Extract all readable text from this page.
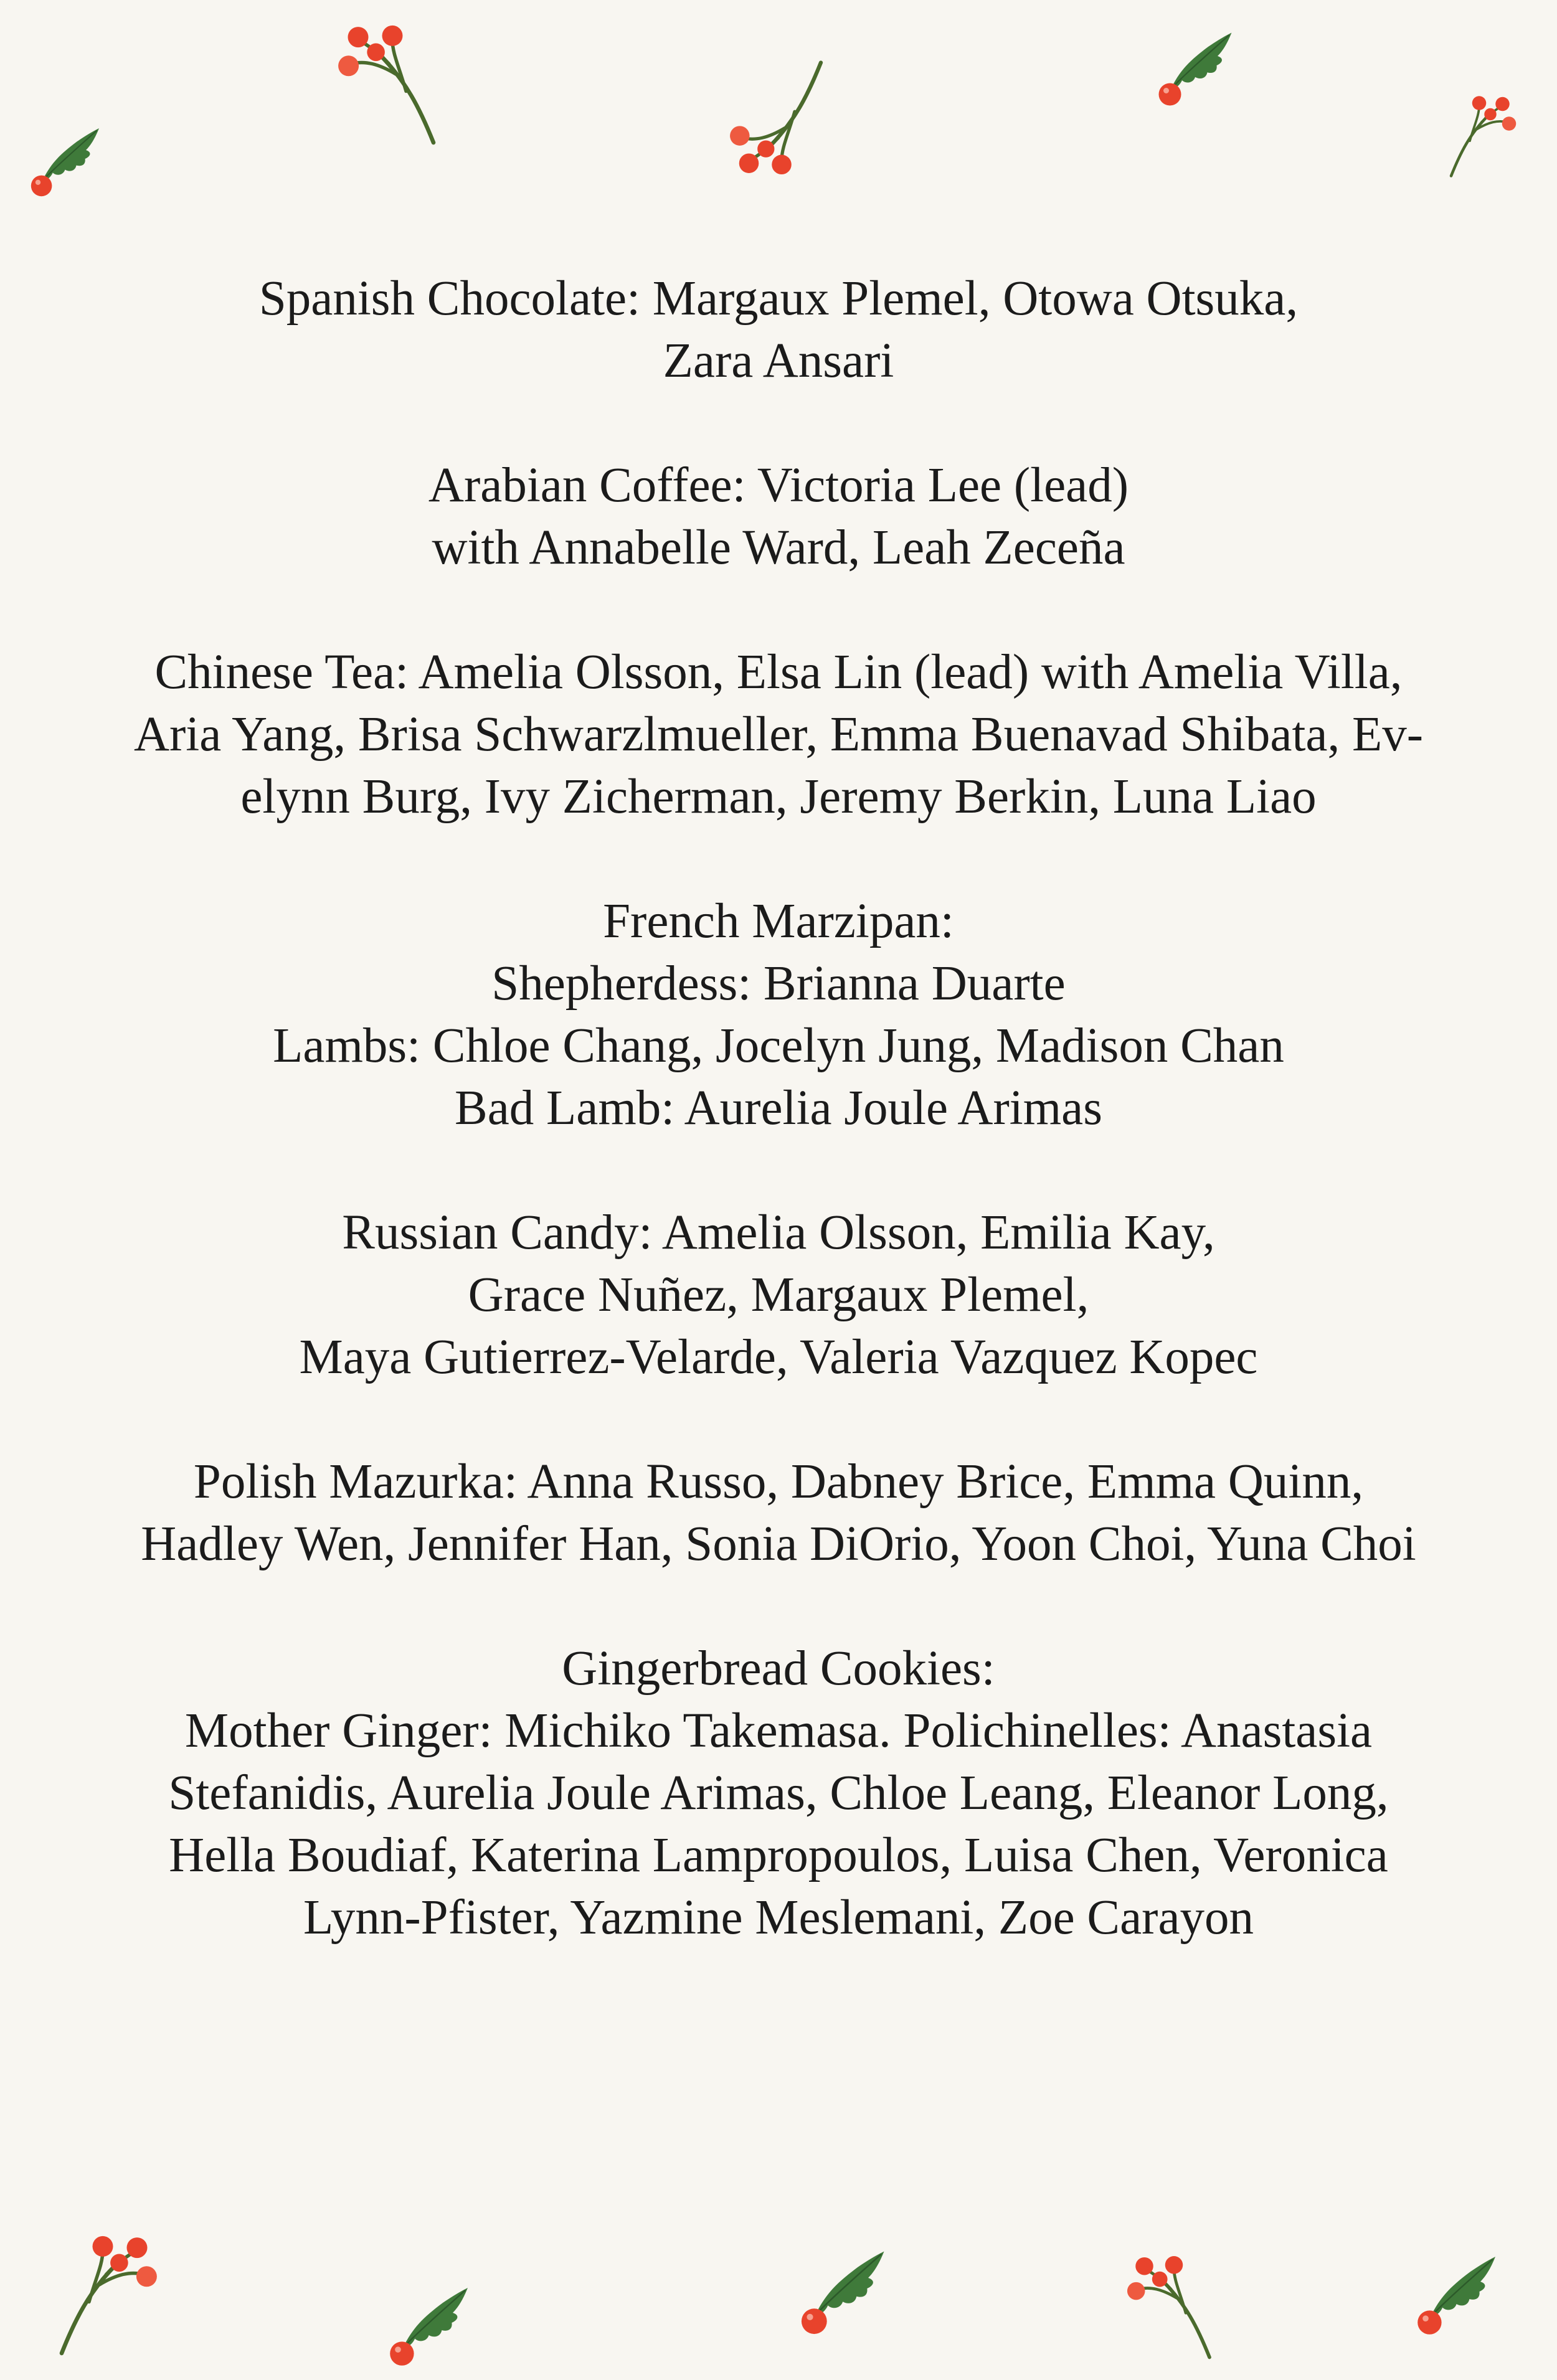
Spanish Chocolate: Margaux Plemel, Otowa Otsuka,
Zara Ansari
Arabian Coffee: Victoria Lee (lead)
with Annabelle Ward, Leah Zeceña
Chinese Tea: Amelia Olsson, Elsa Lin (lead) with Amelia Villa,
Aria Yang, Brisa Schwarzlmueller, Emma Buenavad Shibata, Ev-
elynn Burg, Ivy Zicherman, Jeremy Berkin, Luna Liao
French Marzipan:
Shepherdess: Brianna Duarte
Lambs: Chloe Chang, Jocelyn Jung, Madison Chan
Bad Lamb: Aurelia Joule Arimas
Russian Candy: Amelia Olsson, Emilia Kay,
Grace Nuñez, Margaux Plemel,
Maya Gutierrez-Velarde, Valeria Vazquez Kopec
Polish Mazurka: Anna Russo, Dabney Brice, Emma Quinn,
Hadley Wen, Jennifer Han, Sonia DiOrio, Yoon Choi, Yuna Choi
Gingerbread Cookies:
Mother Ginger: Michiko Takemasa. Polichinelles: Anastasia
Stefanidis, Aurelia Joule Arimas, Chloe Leang, Eleanor Long,
Hella Boudiaf, Katerina Lampropoulos, Luisa Chen, Veronica
Lynn-Pfister, Yazmine Meslemani, Zoe Carayon
